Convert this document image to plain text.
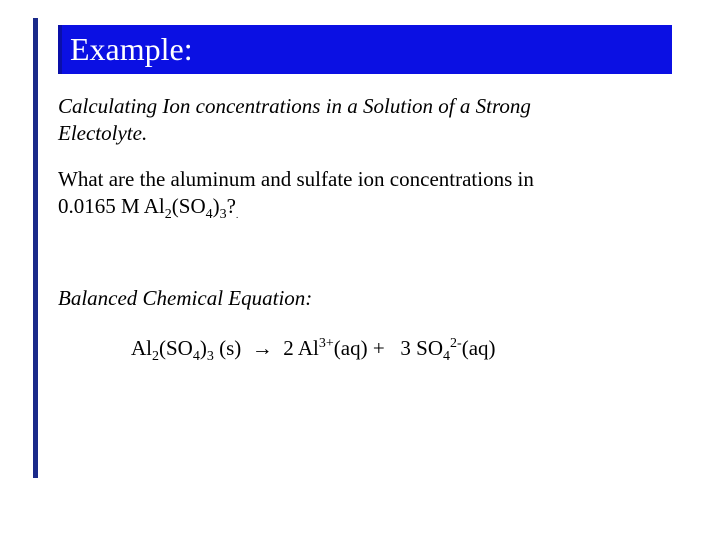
Example:
Calculating Ion concentrations in a Solution of a Strong
Electolyte.
What are the aluminum and sulfate ion concentrations in
0.0165 M $Al_2(SO_4)_3?_.$
Balanced Chemical Equation:
$Al_2(SO_4)_3$ (s) → 2 $Al^{3+}(aq) + 3$ $SO_4^{2-}(aq)$
